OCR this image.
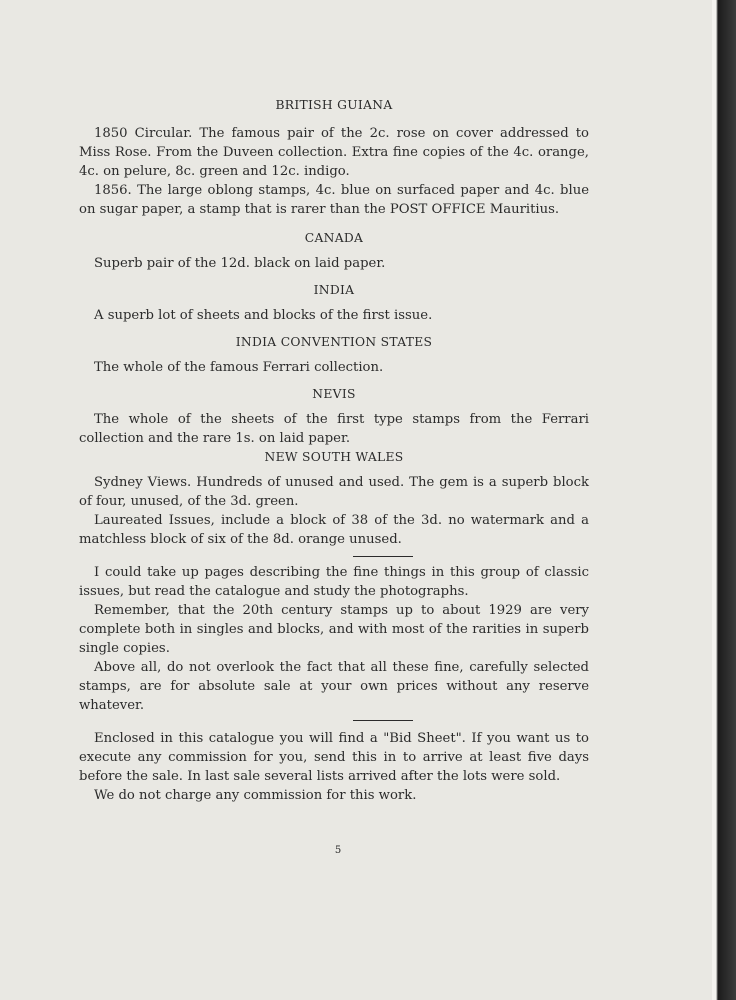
BRITISH GUIANA

1850 Circular. The famous pair of the 2c. rose on cover addressed to Miss Rose. From the Duveen collection. Extra fine copies of the 4c. orange, 4c. on pelure, 8c. green and 12c. indigo.

1856. The large oblong stamps, 4c. blue on surfaced paper and 4c. blue on sugar paper, a stamp that is rarer than the POST OFFICE Mauritius.

CANADA

Superb pair of the 12d. black on laid paper.

INDIA

A superb lot of sheets and blocks of the first issue.

INDIA CONVENTION STATES

The whole of the famous Ferrari collection.

NEVIS

The whole of the sheets of the first type stamps from the Ferrari collection and the rare 1s. on laid paper.

NEW SOUTH WALES

Sydney Views. Hundreds of unused and used. The gem is a superb block of four, unused, of the 3d. green.

Laureated Issues, include a block of 38 of the 3d. no watermark and a matchless block of six of the 8d. orange unused.

I could take up pages describing the fine things in this group of classic issues, but read the catalogue and study the photographs.

Remember, that the 20th century stamps up to about 1929 are very complete both in singles and blocks, and with most of the rarities in superb single copies.

Above all, do not overlook the fact that all these fine, carefully selected stamps, are for absolute sale at your own prices without any reserve whatever.

Enclosed in this catalogue you will find a "Bid Sheet". If you want us to execute any commission for you, send this in to arrive at least five days before the sale. In last sale several lists arrived after the lots were sold.

We do not charge any commission for this work.

5
